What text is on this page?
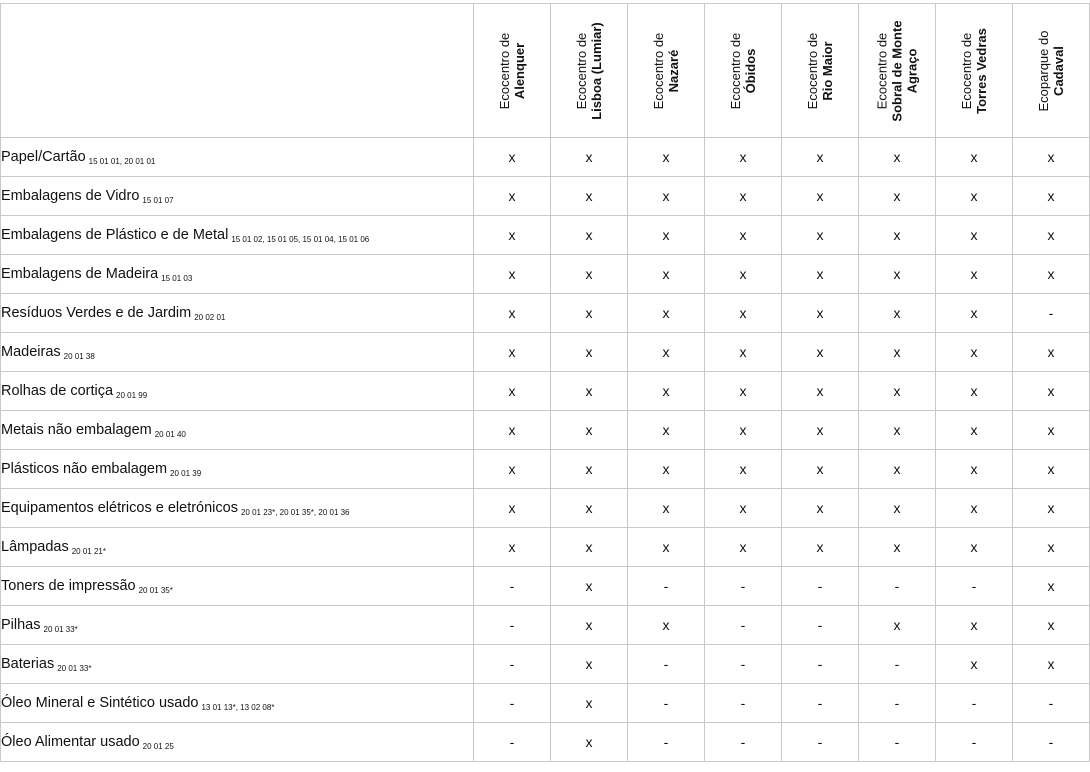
	Ecocentro de Alenquer	Ecocentro de Lisboa (Lumiar)	Ecocentro de Nazaré	Ecocentro de Óbidos	Ecocentro de Rio Maior	Ecocentro de Sobral de Monte Agraço	Ecocentro de Torres Vedras	Ecoparque do Cadaval

Papel/Cartão $_{15 01 01, 20 01 01}$	x	x	x	x	x	x	x	x
Embalagens de Vidro $_{15 01 07}$	x	x	x	x	x	x	x	x
Embalagens de Plástico e de Metal $_{15 01 02, 15 01 05, 15 01 04, 15 01 06}$	x	x	x	x	x	x	x	x
Embalagens de Madeira $_{15 01 03}$	x	x	x	x	x	x	x	x
Resíduos Verdes e de Jardim $_{20 02 01}$	x	x	x	x	x	x	x	-
Madeiras $_{20 01 38}$	x	x	x	x	x	x	x	x
Rolhas de cortiça $_{20 01 99}$	x	x	x	x	x	x	x	x
Metais não embalagem $_{20 01 40}$	x	x	x	x	x	x	x	x
Plásticos não embalagem $_{20 01 39}$	x	x	x	x	x	x	x	x
Equipamentos elétricos e eletrónicos $_{20 01 23*, 20 01 35*, 20 01 36}$	x	x	x	x	x	x	x	x
Lâmpadas $_{20 01 21*}$	x	x	x	x	x	x	x	x
Toners de impressão $_{20 01 35*}$	-	x	-	-	-	-	-	x
Pilhas $_{20 01 33*}$	-	x	x	-	-	x	x	x
Baterias $_{20 01 33*}$	-	x	-	-	-	-	x	x
Óleo Mineral e Sintético usado $_{13 01 13*, 13 02 08*}$	-	x	-	-	-	-	-	-
Óleo Alimentar usado $_{20 01 25}$	-	x	-	-	-	-	-	-
